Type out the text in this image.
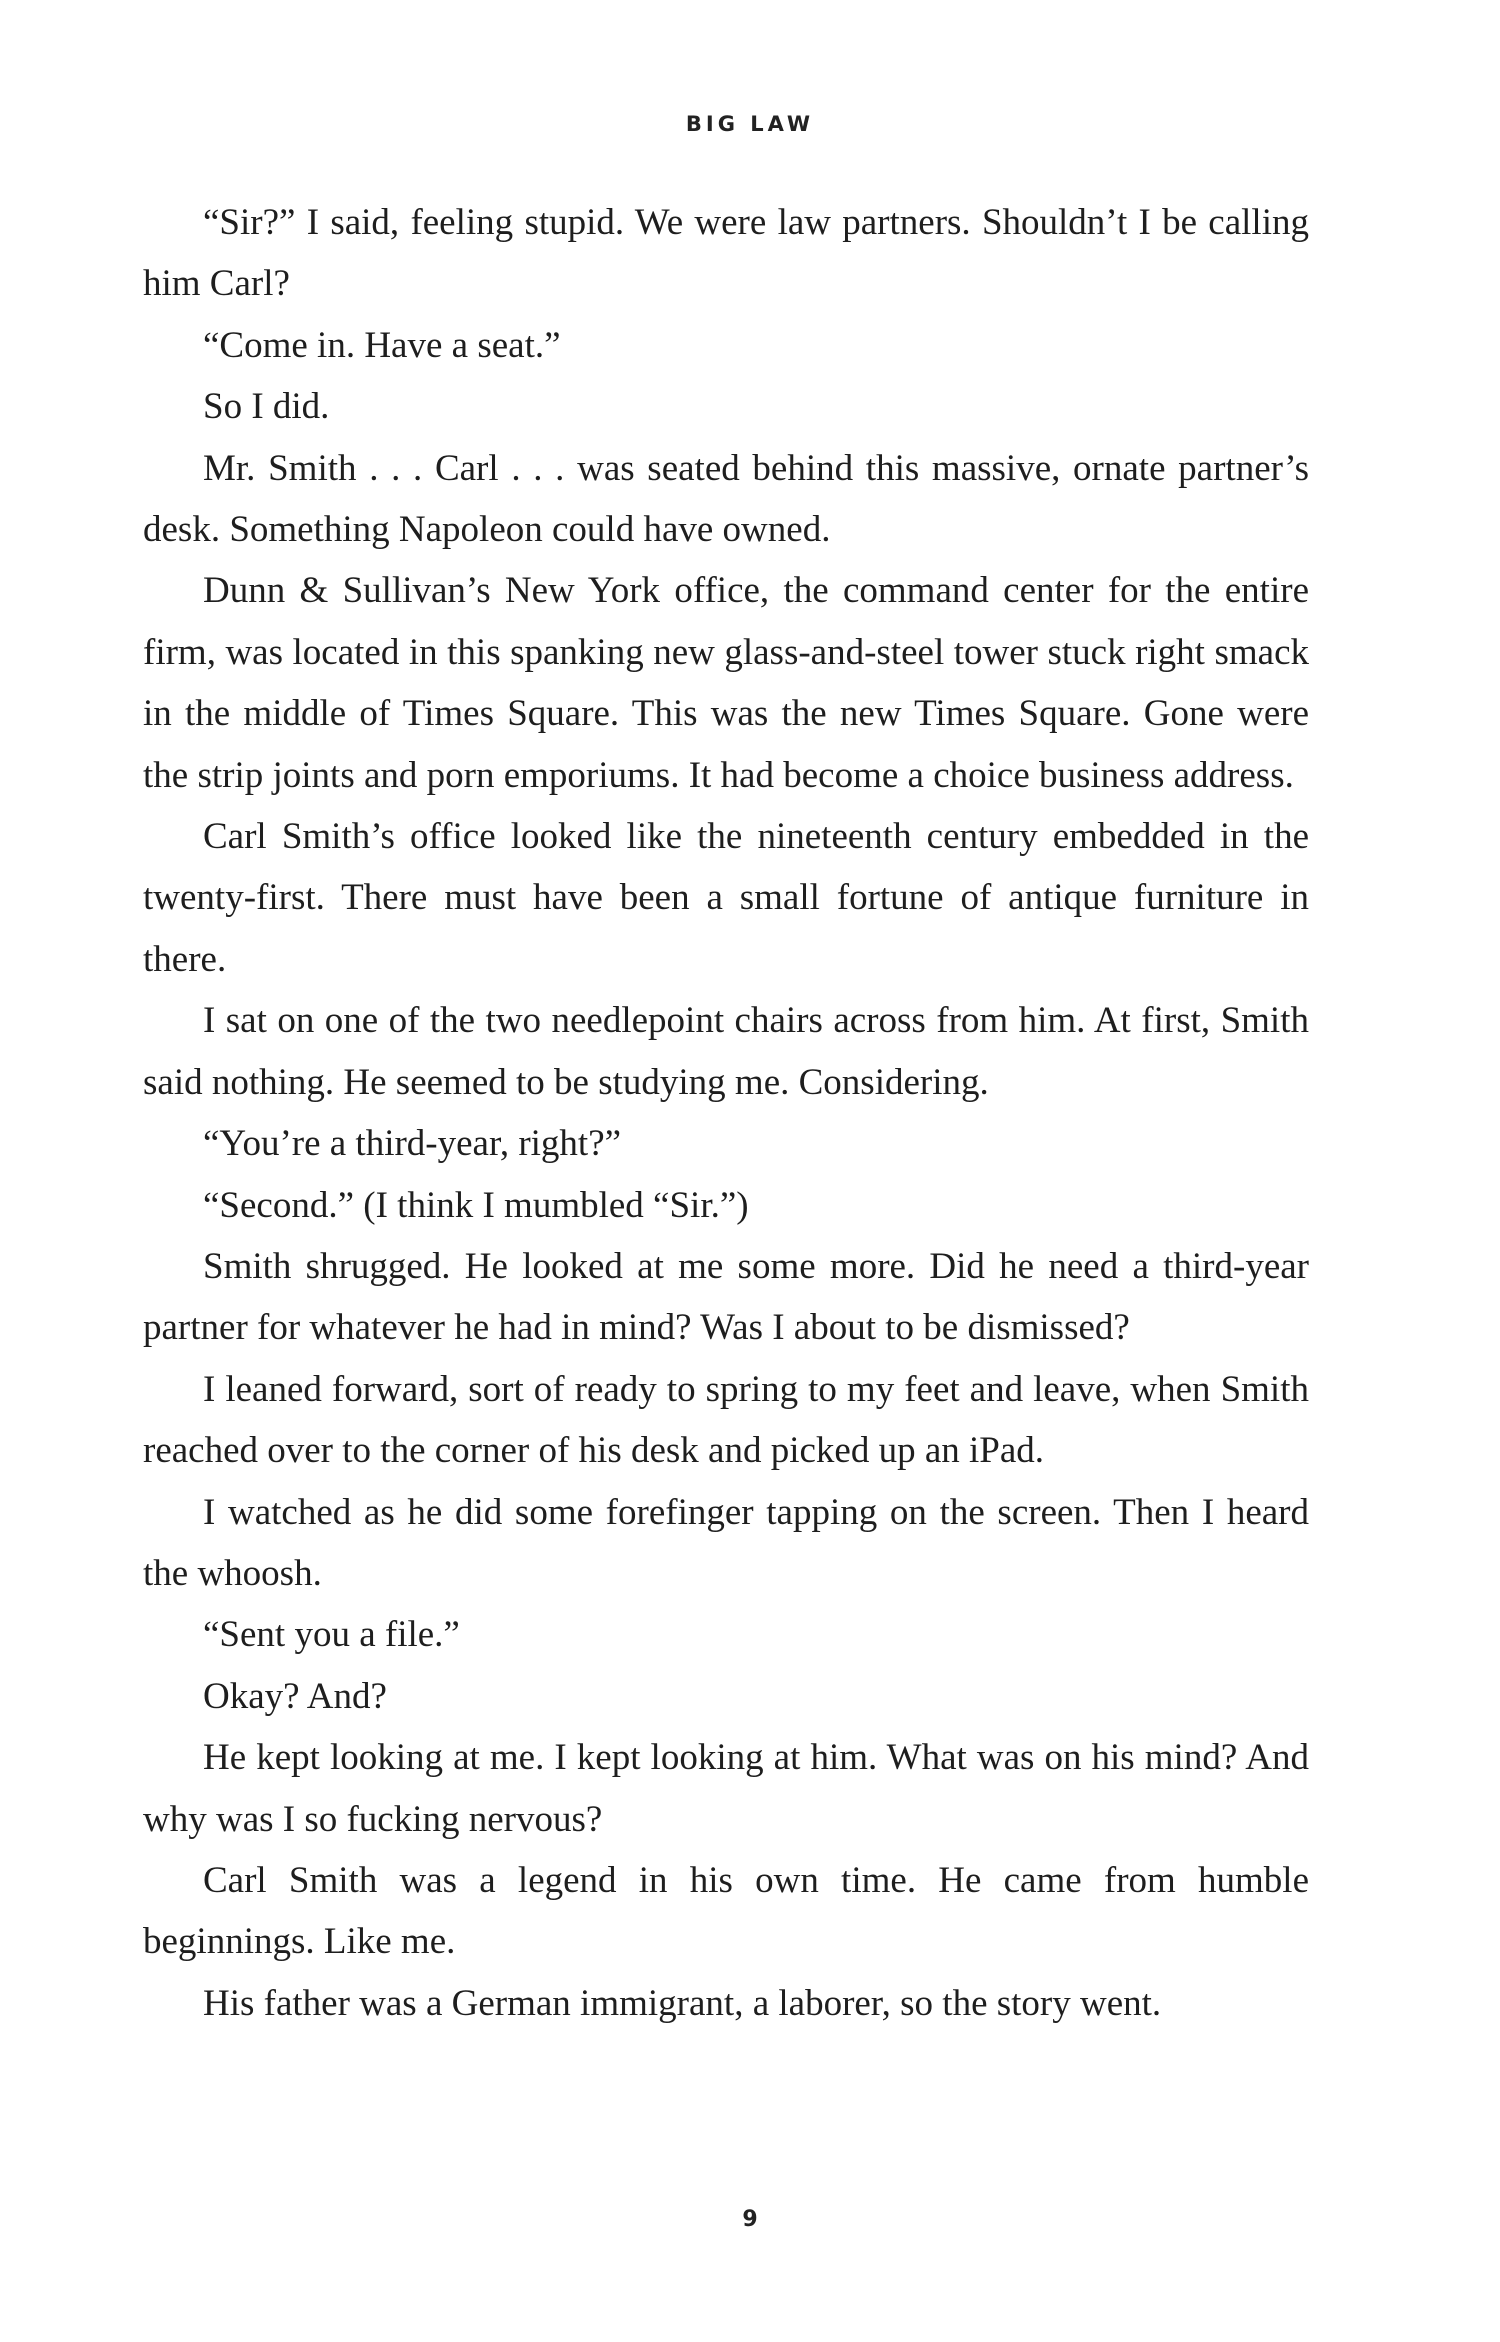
BIG LAW

“Sir?” I said, feeling stupid. We were law partners. Shouldn’t I be calling him Carl?

“Come in. Have a seat.”

So I did.

Mr. Smith . . . Carl . . . was seated behind this massive, ornate partner’s desk. Something Napoleon could have owned.

Dunn & Sullivan’s New York office, the command center for the entire firm, was located in this spanking new glass-and-steel tower stuck right smack in the middle of Times Square. This was the new Times Square. Gone were the strip joints and porn emporiums. It had become a choice business address.

Carl Smith’s office looked like the nineteenth century embedded in the twenty-first. There must have been a small fortune of antique furniture in there.

I sat on one of the two needlepoint chairs across from him. At first, Smith said nothing. He seemed to be studying me. Considering.

“You’re a third-year, right?”

“Second.” (I think I mumbled “Sir.”)

Smith shrugged. He looked at me some more. Did he need a third-year partner for whatever he had in mind? Was I about to be dismissed?

I leaned forward, sort of ready to spring to my feet and leave, when Smith reached over to the corner of his desk and picked up an iPad.

I watched as he did some forefinger tapping on the screen. Then I heard the whoosh.

“Sent you a file.”

Okay? And?

He kept looking at me. I kept looking at him. What was on his mind? And why was I so fucking nervous?

Carl Smith was a legend in his own time. He came from humble beginnings. Like me.

His father was a German immigrant, a laborer, so the story went.

9
